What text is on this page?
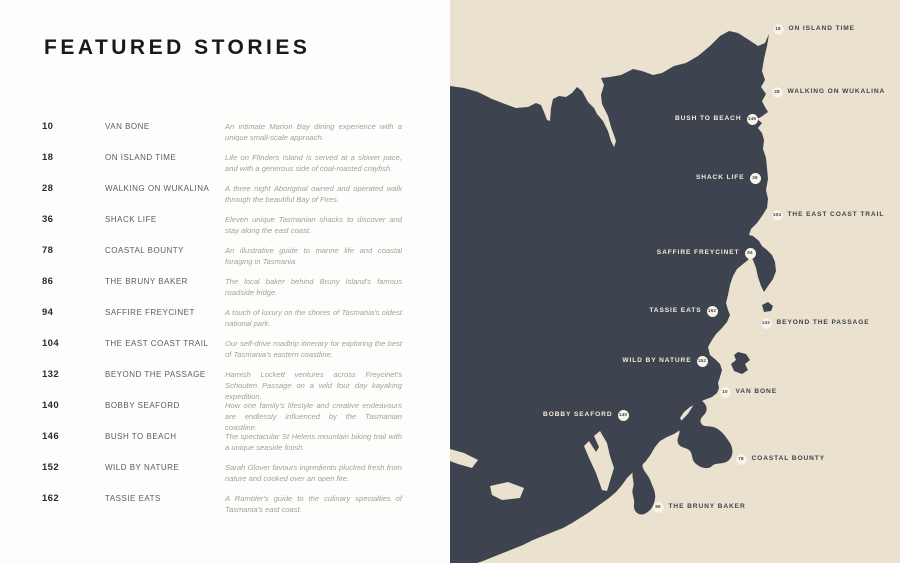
FEATURED STORIES
10	VAN BONE	An intimate Marion Bay dining experience with a unique small-scale approach.
18	ON ISLAND TIME	Life on Flinders Island is served at a slower pace, and with a generous side of coal-roasted crayfish.
28	WALKING ON WUKALINA	A three night Aboriginal owned and operated walk through the beautiful Bay of Fires.
36	SHACK LIFE	Eleven unique Tasmanian shacks to discover and stay along the east coast.
78	COASTAL BOUNTY	An illustrative guide to marine life and coastal foraging in Tasmania.
86	THE BRUNY BAKER	The local baker behind Bruny Island's famous roadside fridge.
94	SAFFIRE FREYCINET	A touch of luxury on the shores of Tasmania's oldest national park.
104	THE EAST COAST TRAIL	Our self-drive roadtrip itinerary for exploring the best of Tasmania's eastern coastline.
132	BEYOND THE PASSAGE	Hamish Lockett ventures across Freycinet's Schouten Passage on a wild four day kayaking expedition.
140	BOBBY SEAFORD	How one family's lifestyle and creative endeavours are endlessly influenced by the Tasmanian coastline.
146	BUSH TO BEACH	The spectacular St Helens mountain biking trail with a unique seaside finish.
152	WILD BY NATURE	Sarah Glover favours ingredients plucked fresh from nature and cooked over an open fire.
162	TASSIE EATS	A Rambler's guide to the culinary specialties of Tasmania's east coast.
18 ON ISLAND TIME
28 WALKING ON WUKALINA
146
BUSH TO BEACH
36
SHACK LIFE
104 THE EAST COAST TRAIL
94
SAFFIRE FREYCINET
162
TASSIE EATS
132 BEYOND THE PASSAGE
152
WILD BY NATURE
10 VAN BONE
140
BOBBY SEAFORD
78 COASTAL BOUNTY
86 THE BRUNY BAKER
